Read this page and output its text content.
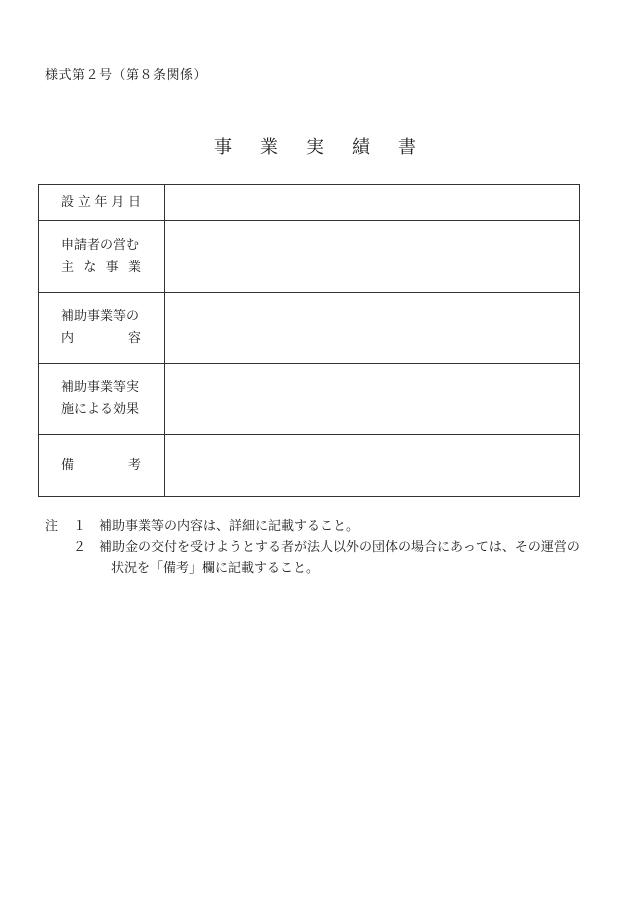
様式第２号（第８条関係）
事業実績書
設 立 年 月 日	

申請者の営む
主 な 事 業	

補助事業等の
内 容	

補助事業等実
施による効果	

備 考	

注	１ 補助事業等の内容は、詳細に記載すること。
２ 補助金の交付を受けようとする者が法人以外の団体の場合にあっては、その運営の
状況を「備考」欄に記載すること。
